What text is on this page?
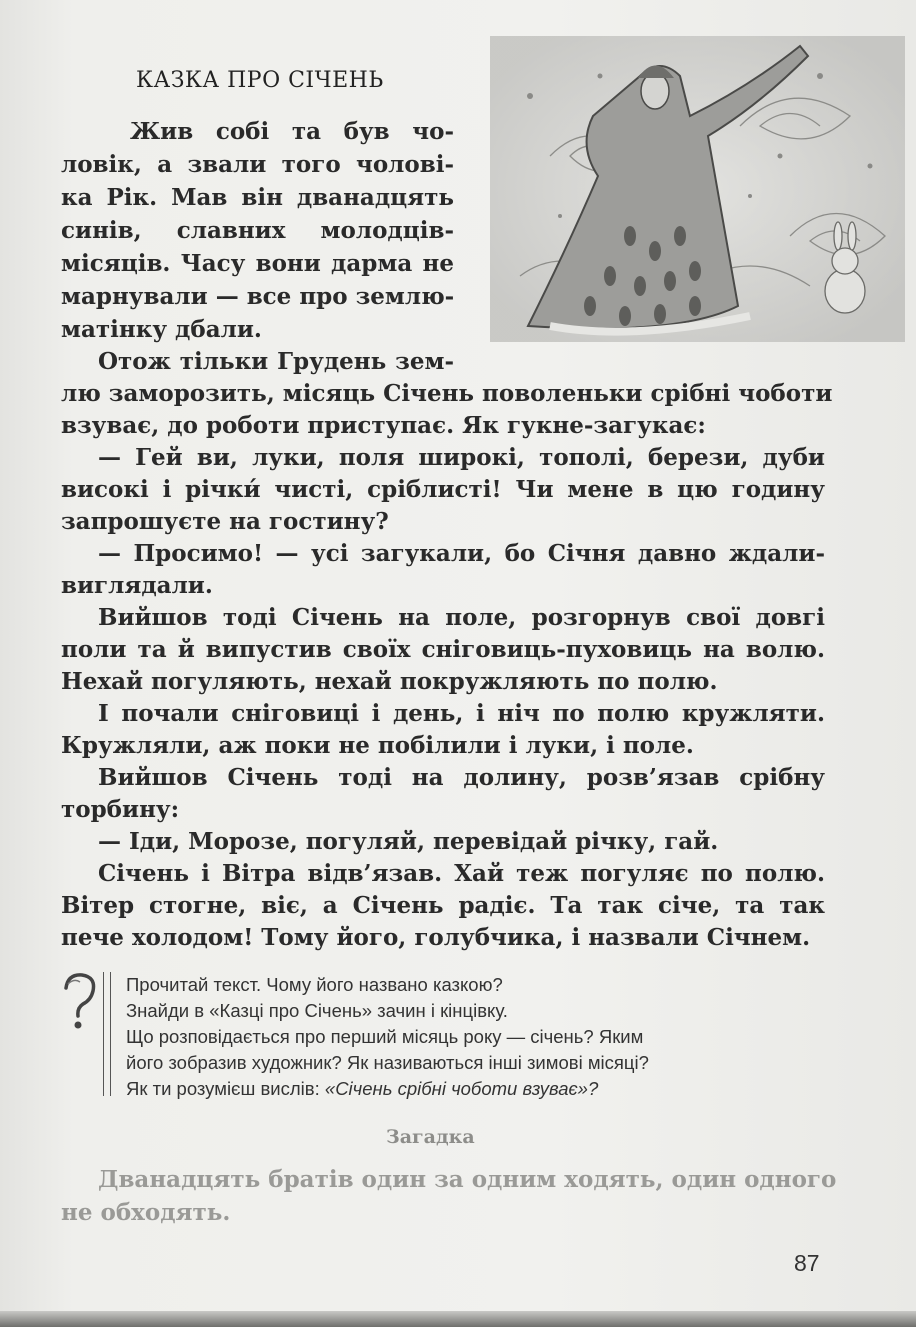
КАЗКА ПРО СІЧЕНЬ
Жив собі та був чо-
ловік, а звали того чолові-
ка Рік. Мав він дванадцять
синів, славних молодців-
місяців. Часу вони дарма не
марнували — все про землю-
матінку дбали.
Отож тільки Грудень зем-
лю заморозить, місяць Січень поволеньки срібні чоботи
взуває, до роботи приступає. Як гукне-загукає:
— Гей ви, луки, поля широкі, тополі, берези, дуби
високі і річки́ чисті, сріблисті! Чи мене в цю годину
запрошуєте на гостину?
— Просимо! — усі загукали, бо Січня давно ждали-
виглядали.
Вийшов тоді Січень на поле, розгорнув свої довгі
поли та й випустив своїх сніговиць-пуховиць на волю.
Нехай погуляють, нехай покружляють по полю.
І почали сніговиці і день, і ніч по полю кружляти.
Кружляли, аж поки не побілили і луки, і поле.
Вийшов Січень тоді на долину, розв’язав срібну
торбину:
— Іди, Морозе, погуляй, перевідай річку, гай.
Січень і Вітра відв’язав. Хай теж погуляє по полю.
Вітер стогне, віє, а Січень радіє. Та так січе, та так
пече холодом! Тому його, голубчика, і назвали Січнем.
Прочитай текст. Чому його названо казкою?
Знайди в «Казці про Січень» зачин і кінцівку.
Що розповідається про перший місяць року — січень? Яким
його зобразив художник? Як називаються інші зимові місяці?
Як ти розумієш вислів: «Січень срібні чоботи взуває»?
Загадка
Дванадцять братів один за одним ходять, один одного
не обходять.
87
